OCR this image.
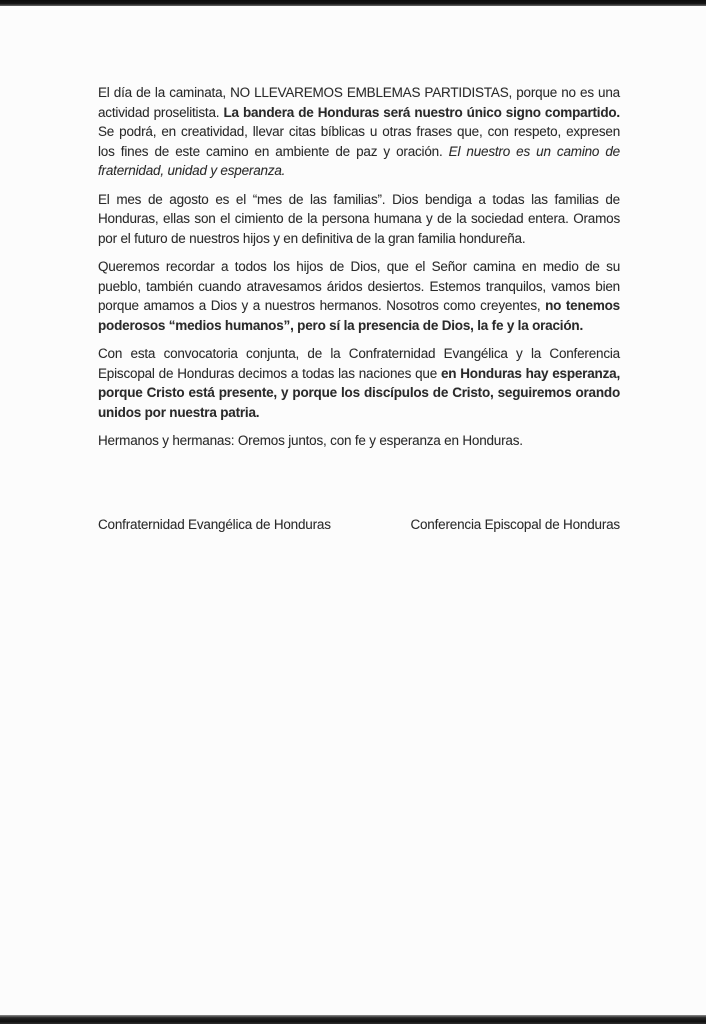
El día de la caminata, NO LLEVAREMOS EMBLEMAS PARTIDISTAS, porque no es una actividad proselitista. La bandera de Honduras será nuestro único signo compartido. Se podrá, en creatividad, llevar citas bíblicas u otras frases que, con respeto, expresen los fines de este camino en ambiente de paz y oración. El nuestro es un camino de fraternidad, unidad y esperanza.

El mes de agosto es el “mes de las familias”. Dios bendiga a todas las familias de Honduras, ellas son el cimiento de la persona humana y de la sociedad entera. Oramos por el futuro de nuestros hijos y en definitiva de la gran familia hondureña.

Queremos recordar a todos los hijos de Dios, que el Señor camina en medio de su pueblo, también cuando atravesamos áridos desiertos. Estemos tranquilos, vamos bien porque amamos a Dios y a nuestros hermanos. Nosotros como creyentes, no tenemos poderosos “medios humanos”, pero sí la presencia de Dios, la fe y la oración.

Con esta convocatoria conjunta, de la Confraternidad Evangélica y la Conferencia Episcopal de Honduras decimos a todas las naciones que en Honduras hay esperanza, porque Cristo está presente, y porque los discípulos de Cristo, seguiremos orando unidos por nuestra patria.

Hermanos y hermanas: Oremos juntos, con fe y esperanza en Honduras.

Confraternidad Evangélica de Honduras	Conferencia Episcopal de Honduras
